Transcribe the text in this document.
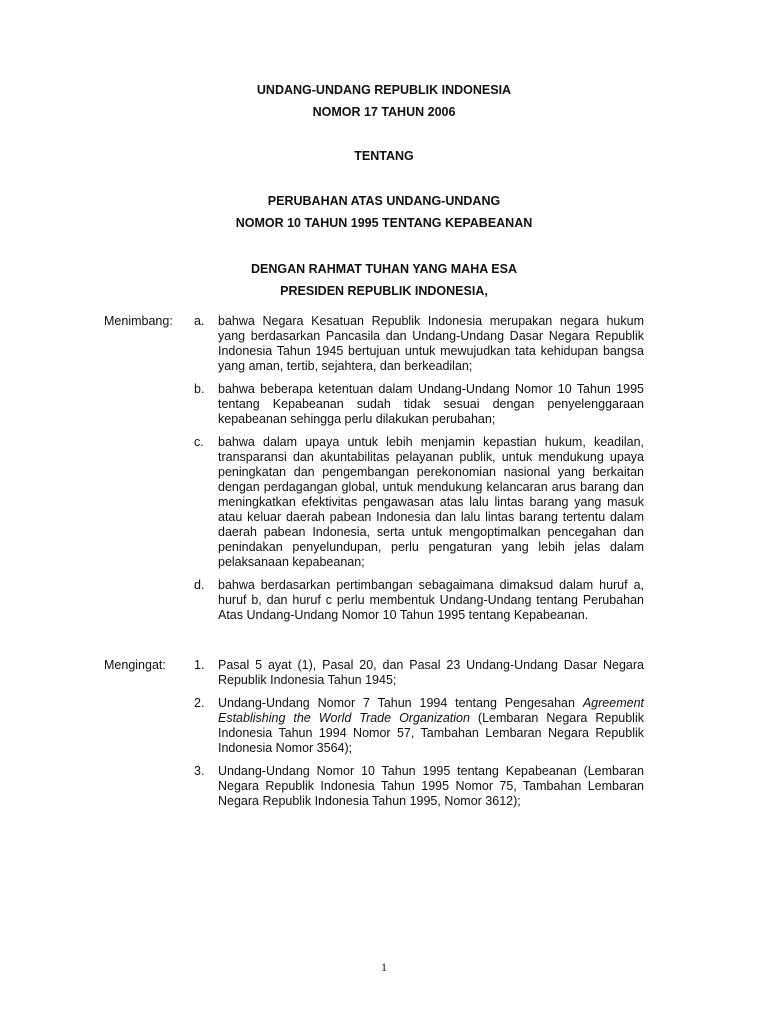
UNDANG-UNDANG REPUBLIK INDONESIA

NOMOR 17 TAHUN 2006

TENTANG

PERUBAHAN ATAS UNDANG-UNDANG

NOMOR 10 TAHUN 1995 TENTANG KEPABEANAN

DENGAN RAHMAT TUHAN YANG MAHA ESA

PRESIDEN REPUBLIK INDONESIA,

Menimbang: a. bahwa Negara Kesatuan Republik Indonesia merupakan negara hukum yang berdasarkan Pancasila dan Undang-Undang Dasar Negara Republik Indonesia Tahun 1945 bertujuan untuk mewujudkan tata kehidupan bangsa yang aman, tertib, sejahtera, dan berkeadilan;
b. bahwa beberapa ketentuan dalam Undang-Undang Nomor 10 Tahun 1995 tentang Kepabeanan sudah tidak sesuai dengan penyelenggaraan kepabeanan sehingga perlu dilakukan perubahan;
c. bahwa dalam upaya untuk lebih menjamin kepastian hukum, keadilan, transparansi dan akuntabilitas pelayanan publik, untuk mendukung upaya peningkatan dan pengembangan perekonomian nasional yang berkaitan dengan perdagangan global, untuk mendukung kelancaran arus barang dan meningkatkan efektivitas pengawasan atas lalu lintas barang yang masuk atau keluar daerah pabean Indonesia dan lalu lintas barang tertentu dalam daerah pabean Indonesia, serta untuk mengoptimalkan pencegahan dan penindakan penyelundupan, perlu pengaturan yang lebih jelas dalam pelaksanaan kepabeanan;
d. bahwa berdasarkan pertimbangan sebagaimana dimaksud dalam huruf a, huruf b, dan huruf c perlu membentuk Undang-Undang tentang Perubahan Atas Undang-Undang Nomor 10 Tahun 1995 tentang Kepabeanan.
Mengingat: 1. Pasal 5 ayat (1), Pasal 20, dan Pasal 23 Undang-Undang Dasar Negara Republik Indonesia Tahun 1945;
2. Undang-Undang Nomor 7 Tahun 1994 tentang Pengesahan Agreement Establishing the World Trade Organization (Lembaran Negara Republik Indonesia Tahun 1994 Nomor 57, Tambahan Lembaran Negara Republik Indonesia Nomor 3564);
3. Undang-Undang Nomor 10 Tahun 1995 tentang Kepabeanan (Lembaran Negara Republik Indonesia Tahun 1995 Nomor 75, Tambahan Lembaran Negara Republik Indonesia Tahun 1995, Nomor 3612);
1
